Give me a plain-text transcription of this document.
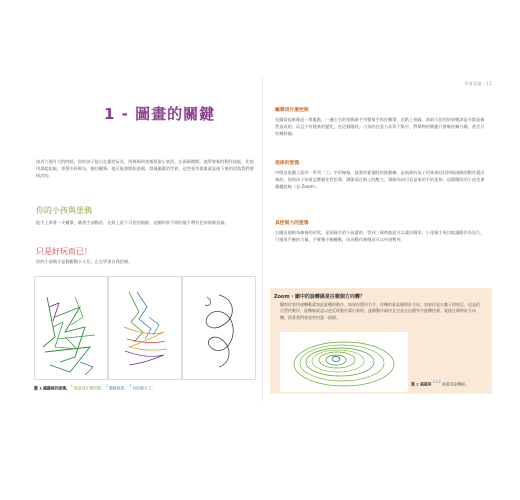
1 - 圖畫的關鍵
接近九個月大的時候，你的孩子能自在操控玩具，用拇指和食指捏取小東西。在兩歲期間，他學會新的動作技能，比如用湯匙吃飯，拿著水杯喝水，握住蠟筆。他可能會開始塗鴉，發現圖畫的世界，這些要功偉業就是接下來的段落我們要探討的。
你的小孩與塗鴉
他手上拿著一支蠟筆，隨著手部動作，在紙上留下可見的痕跡，這團形狀不明的痕不帶有任何象徵意義。
只是好玩而已！
你的小塗鴉手是個衝動小人兒，正在學習自我控制。
圖 1 蹣蹣兩的塗鴉。 $^1$ 從塗沒什麼控制、 $^2$ 圖稱規律、 $^3$ 具控制力了。
學會認識 · 15
蠟筆沒什麼控制
在圖看起來像是一堆亂點，一邊左右的塗鴉新手用整隻手抓住蠟筆，在紙上拍敲。前前可見的結果應該是多都是偶然造成的，而且少有後來的變化。在這個階段，小孩的注意力非常不集中，對筆物的興趣只會維持幾分鐘，甚至只有幾秒鐘。
規律的塗鴉
中間這張圖上面有一系列「之」字形線條，就會你素描時的陸動練，是兩歲的孩子用來來回回和兩兩側的動作畫出來的，你的孩子知道怎麼握住彩色筆，調節落在紙上的壓力，筆跡為何可見是來的手的延伸，這個階段的小孩也會畫螺旋線（見 Zoom）。
具控制力的塗鴉
右圖出現較為線條的形狀，是兩歲半的小孩畫的，等到三歲時他就可以畫出圓形。小塗鴉手成功地讓動作為迅久，只運用手腕的力量，手臂稱手腕轉動，因為動作夠慢而可以中途暫停。
Zoom ‧ 圖中的旋轉線是往哪個方向轉？
觀察你家快速轉動就如此旋轉的動作，如果你慣用右手，你轉的就是順時針方向；如果你是左撇子則相反，這是很自然的動作，旋轉線就是以逆反時動作畫出來的。連續動作細快且也是在這種有中旋轉控制，就能往順時針方向轉，接著我們會談些何畫一個圓。
圖 2 蹣蹣兩 $^{2 1/2}$ 歲畫的旋轉線。
